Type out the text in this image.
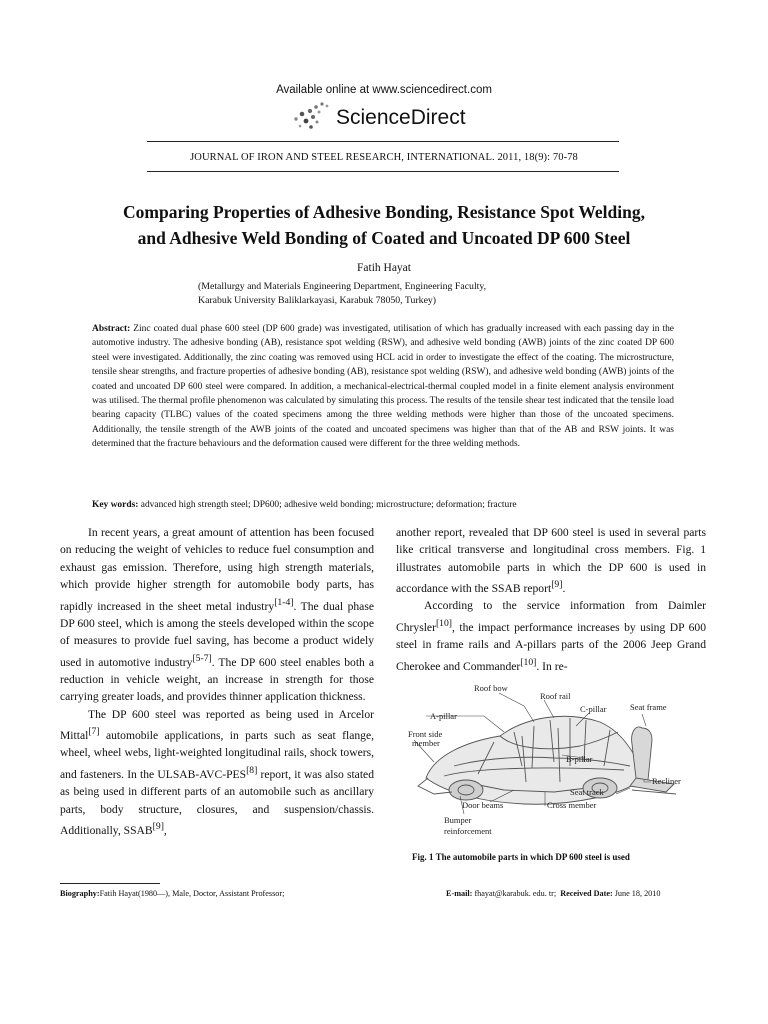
Available online at www.sciencedirect.com
ScienceDirect
JOURNAL OF IRON AND STEEL RESEARCH, INTERNATIONAL. 2011, 18(9): 70-78
Comparing Properties of Adhesive Bonding, Resistance Spot Welding,
and Adhesive Weld Bonding of Coated and Uncoated DP 600 Steel
Fatih Hayat
(Metallurgy and Materials Engineering Department, Engineering Faculty,
Karabuk University Baliklarkayasi, Karabuk 78050, Turkey)
Abstract: Zinc coated dual phase 600 steel (DP 600 grade) was investigated, utilisation of which has gradually increased with each passing day in the automotive industry. The adhesive bonding (AB), resistance spot welding (RSW), and adhesive weld bonding (AWB) joints of the zinc coated DP 600 steel were investigated. Additionally, the zinc coating was removed using HCL acid in order to investigate the effect of the coating. The microstructure, tensile shear strengths, and fracture properties of adhesive bonding (AB), resistance spot welding (RSW), and adhesive weld bonding (AWB) joints of the coated and uncoated DP 600 steel were compared. In addition, a mechanical-electrical-thermal coupled model in a finite element analysis environment was utilised. The thermal profile phenomenon was calculated by simulating this process. The results of the tensile shear test indicated that the tensile load bearing capacity (TLBC) values of the coated specimens among the three welding methods were higher than those of the uncoated specimens. Additionally, the tensile strength of the AWB joints of the coated and uncoated specimens was higher than that of the AB and RSW joints. It was determined that the fracture behaviours and the deformation caused were different for the three welding methods.
Key words: advanced high strength steel; DP600; adhesive weld bonding; microstructure; deformation; fracture

In recent years, a great amount of attention has been focused on reducing the weight of vehicles to reduce fuel consumption and exhaust gas emission. Therefore, using high strength materials, which provide higher strength for automobile body parts, has rapidly increased in the sheet metal industry[1-4]. The dual phase DP 600 steel, which is among the steels developed within the scope of measures to provide fuel saving, has become a product widely used in automotive industry[5-7]. The DP 600 steel enables both a reduction in vehicle weight, an increase in strength for those carrying greater loads, and provides thinner application thickness.

The DP 600 steel was reported as being used in Arcelor Mittal[7] automobile applications, in parts such as seat flange, wheel, wheel webs, light-weighted longitudinal rails, shock towers, and fasteners. In the ULSAB-AVC-PES[8] report, it was also stated as being used in different parts of an automobile such as ancillary parts, body structure, closures, and suspension/chassis. Additionally, SSAB[9],

another report, revealed that DP 600 steel is used in several parts like critical transverse and longitudinal cross members. Fig. 1 illustrates automobile parts in which the DP 600 is used in accordance with the SSAB report[9].

According to the service information from Daimler Chrysler[10], the impact performance increases by using DP 600 steel in frame rails and A-pillars parts of the 2006 Jeep Grand Cherokee and Commander[10]. In re-

Roof bow
Roof rail
Seat frame
C-pillar
A-pillar
Front side
member
B-pillar
Recliner
Seat track
Door beams	Cross member
Bumper
reinforcement
Fig. 1 The automobile parts in which DP 600 steel is used
Biography:Fatih Hayat(1980—), Male, Doctor, Assistant Professor;	E-mail: fhayat@karabuk. edu. tr; Received Date: June 18, 2010
